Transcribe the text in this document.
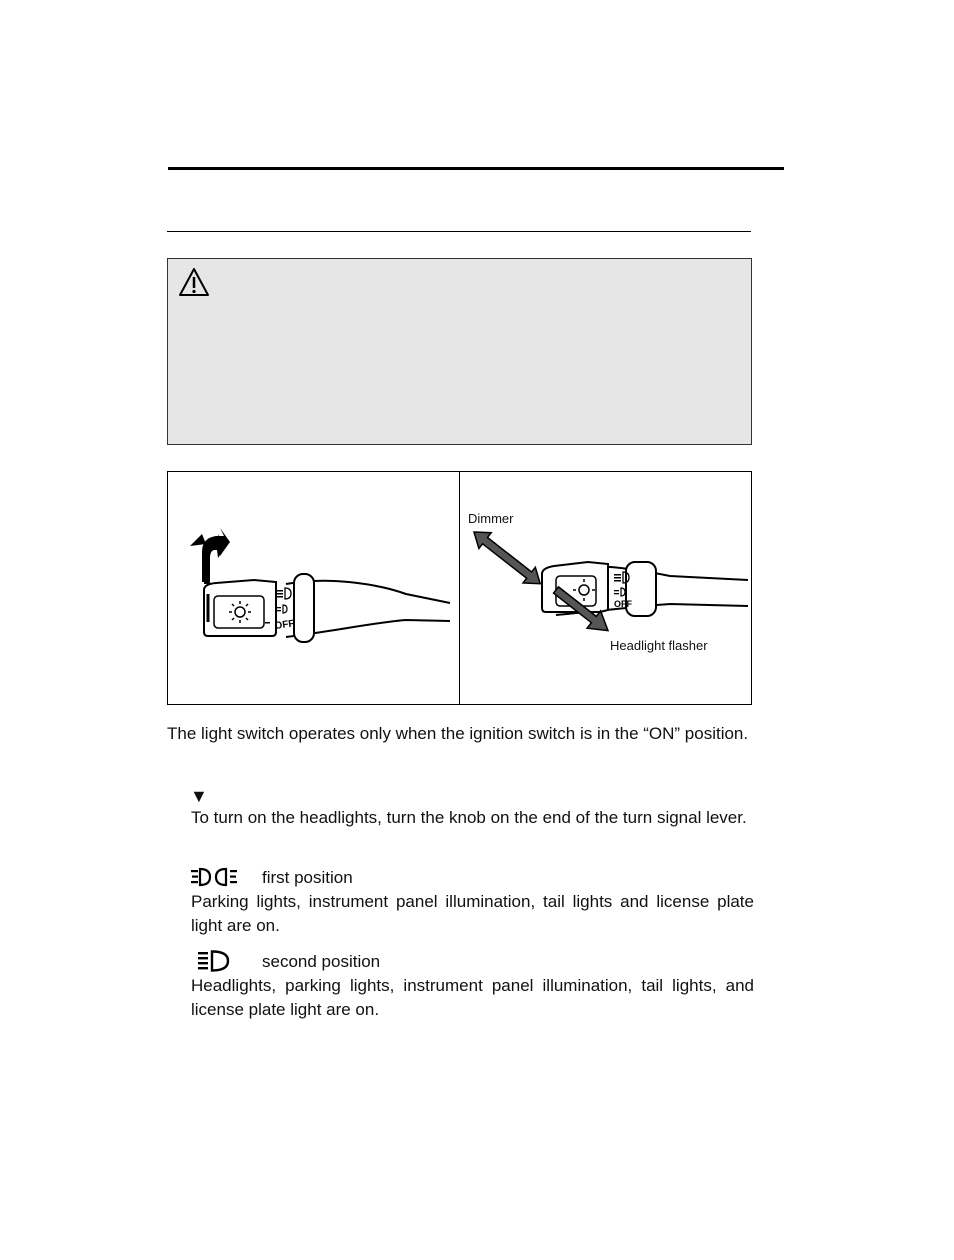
OFF
OFF
Dimmer
Headlight flasher

The light switch operates only when the ignition switch is in the “ON” position.

▼

To turn on the headlights, turn the knob on the end of the turn signal lever.

first position

Parking lights, instrument panel illumination, tail lights and license plate light are on.

second position

Headlights, parking lights, instrument panel illumination, tail lights, and license plate light are on.
